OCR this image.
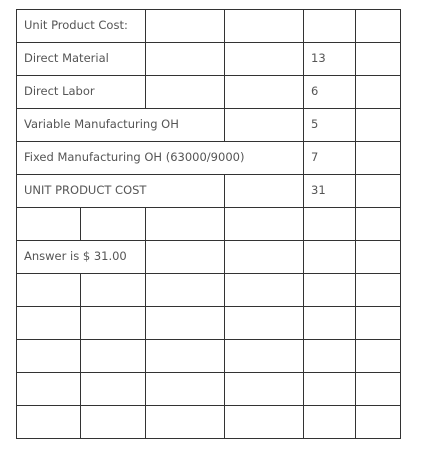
Unit Product Cost:					
Direct Material				13	
Direct Labor				6	
Variable Manufacturing OH				5	
Fixed Manufacturing OH (63000/9000)				7	
UNIT PRODUCT COST				31	

Answer is $ 31.00					
